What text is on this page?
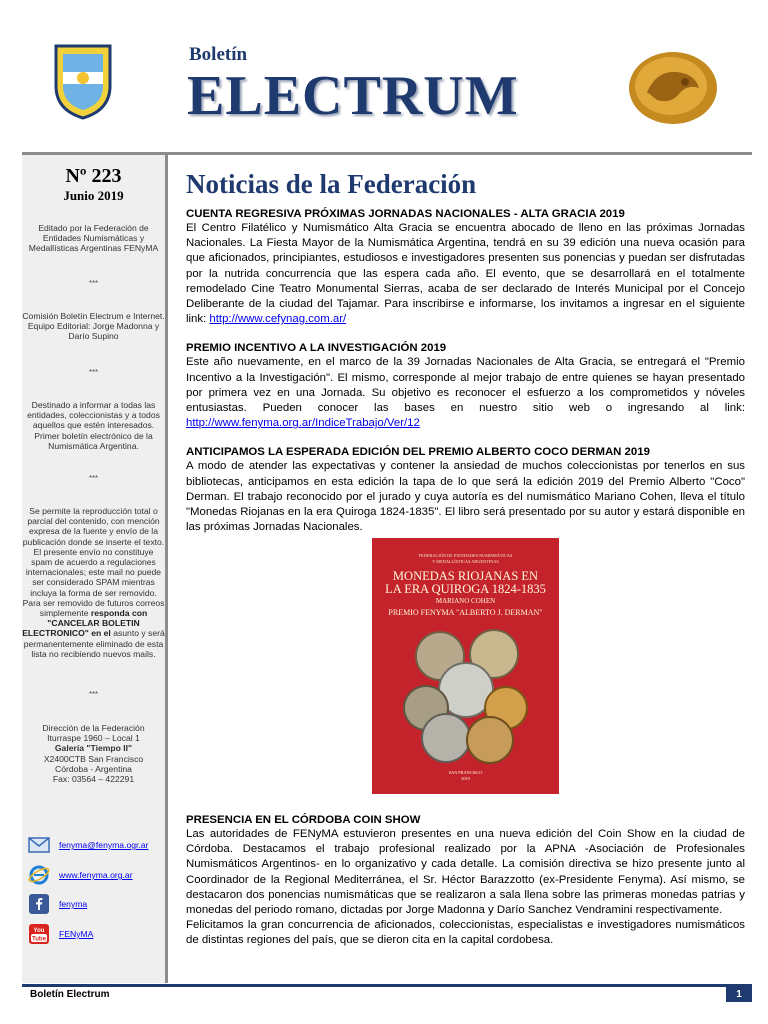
Boletín
ELECTRUM
Nº 223
Junio 2019
Editado por la Federación de Entidades Numismáticas y Medallísticas Argentinas FENyMA
***
Comisión Boletín Electrum e Internet. Equipo Editorial: Jorge Madonna y Darío Supino
***
Destinado a informar a todas las entidades, coleccionistas y a todos aquellos que estén interesados. Primer boletín electrónico de la Numismática Argentina.
***
Se permite la reproducción total o parcial del contenido, con mención expresa de la fuente y envío de la publicación donde se inserte el texto. El presente envío no constituye spam de acuerdo a regulaciones internacionales; este mail no puede ser considerado SPAM mientras incluya la forma de ser removido. Para ser removido de futuros correos simplemente responda con "CANCELAR BOLETIN ELECTRONICO" en el asunto y será permanentemente eliminado de esta lista no recibiendo nuevos mails.
***
Dirección de la Federación
Iturraspe 1960 – Local 1
Galería "Tiempo II"
X2400CTB San Francisco
Córdoba - Argentina
Fax: 03564 – 422291
fenyma@fenyma.ogr.ar
www.fenyma.org.ar
fenyma
You
Tube
FENyMA
Noticias de la Federación
CUENTA REGRESIVA PRÓXIMAS JORNADAS NACIONALES - ALTA GRACIA 2019

El Centro Filatélico y Numismático Alta Gracia se encuentra abocado de lleno en las próximas Jornadas Nacionales. La Fiesta Mayor de la Numismática Argentina, tendrá en su 39 edición una nueva ocasión para que aficionados, principiantes, estudiosos e investigadores presenten sus ponencias y puedan ser disfrutadas por la nutrida concurrencia que las espera cada año. El evento, que se desarrollará en el totalmente remodelado Cine Teatro Monumental Sierras, acaba de ser declarado de Interés Municipal por el Concejo Deliberante de la ciudad del Tajamar. Para inscribirse e informarse, los invitamos a ingresar en el siguiente link: http://www.cefynag.com.ar/

PREMIO INCENTIVO A LA INVESTIGACIÓN 2019

Este año nuevamente, en el marco de la 39 Jornadas Nacionales de Alta Gracia, se entregará el "Premio Incentivo a la Investigación". El mismo, corresponde al mejor trabajo de entre quienes se hayan presentado por primera vez en una Jornada. Su objetivo es reconocer el esfuerzo a los comprometidos y nóveles entusiastas. Pueden conocer las bases en nuestro sitio web o ingresando al link: http://www.fenyma.org.ar/IndiceTrabajo/Ver/12

ANTICIPAMOS LA ESPERADA EDICIÓN DEL PREMIO ALBERTO COCO DERMAN 2019

A modo de atender las expectativas y contener la ansiedad de muchos coleccionistas por tenerlos en sus bibliotecas, anticipamos en esta edición la tapa de lo que será la edición 2019 del Premio Alberto "Coco" Derman. El trabajo reconocido por el jurado y cuya autoría es del numismático Mariano Cohen, lleva el título "Monedas Riojanas en la era Quiroga 1824-1835". El libro será presentado por su autor y estará disponible en las próximas Jornadas Nacionales.

FEDERACIÓN DE ENTIDADES NUMISMÁTICAS
Y MEDALLÍSTICAS ARGENTINAS
MONEDAS RIOJANAS EN
LA ERA QUIROGA 1824-1835
MARIANO COHEN
PREMIO FENYMA "ALBERTO J. DERMAN"
SAN FRANCISCO
2019
PRESENCIA EN EL CÓRDOBA COIN SHOW

Las autoridades de FENyMA estuvieron presentes en una nueva edición del Coin Show en la ciudad de Córdoba. Destacamos el trabajo profesional realizado por la APNA -Asociación de Profesionales Numismáticos Argentinos- en lo organizativo y cada detalle. La comisión directiva se hizo presente junto al Coordinador de la Regional Mediterránea, el Sr. Héctor Barazzotto (ex-Presidente Fenyma). Así mismo, se destacaron dos ponencias numismáticas que se realizaron a sala llena sobre las primeras monedas patrias y monedas del periodo romano, dictadas por Jorge Madonna y Darío Sanchez Vendramini respectivamente.

Felicitamos la gran concurrencia de aficionados, coleccionistas, especialistas e investigadores numismáticos de distintas regiones del país, que se dieron cita en la capital cordobesa.

Boletín Electrum	1
